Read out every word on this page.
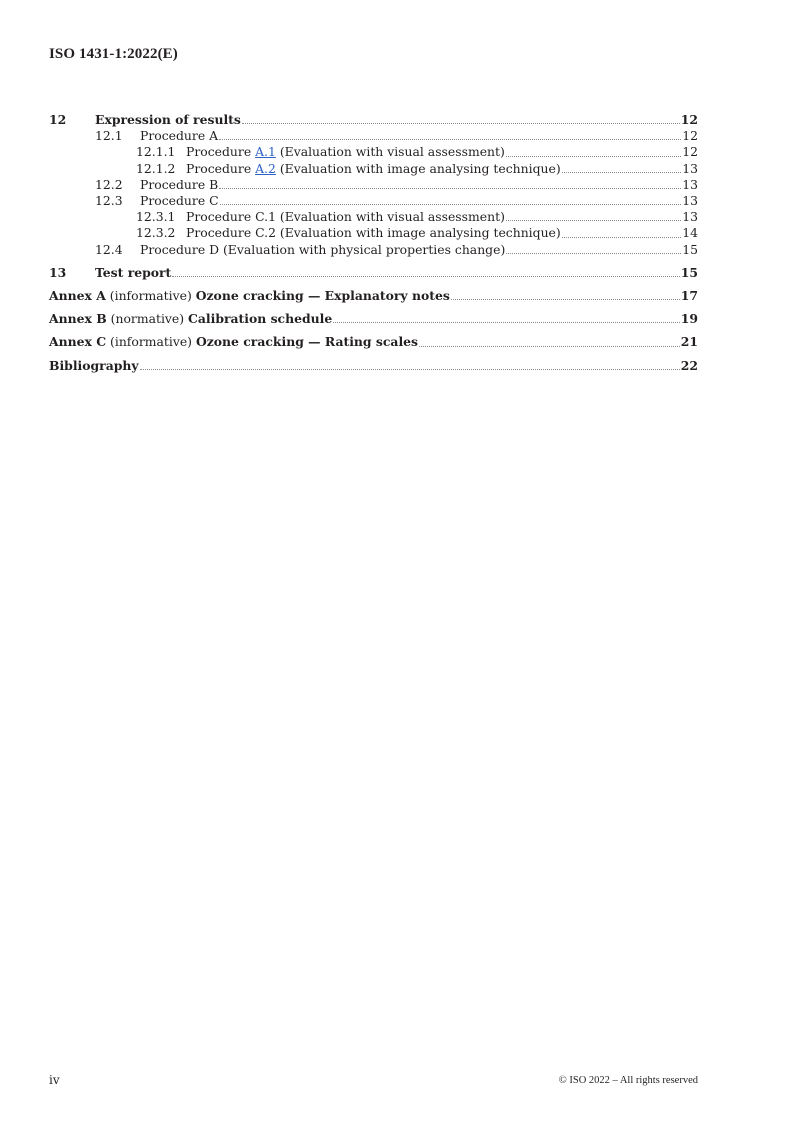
ISO 1431-1:2022(E)
12	Expression of results	12
12.1	Procedure A	12
12.1.1 Procedure A.1 (Evaluation with visual assessment)	12
12.1.2 Procedure A.2 (Evaluation with image analysing technique)	13
12.2	Procedure B	13
12.3	Procedure C	13
12.3.1 Procedure C.1 (Evaluation with visual assessment)	13
12.3.2 Procedure C.2 (Evaluation with image analysing technique)	14
12.4	Procedure D (Evaluation with physical properties change)	15
13	Test report	15
Annex A (informative) Ozone cracking — Explanatory notes	17
Annex B (normative) Calibration schedule	19
Annex C (informative) Ozone cracking — Rating scales	21
Bibliography	22
iv	© ISO 2022 – All rights reserved
